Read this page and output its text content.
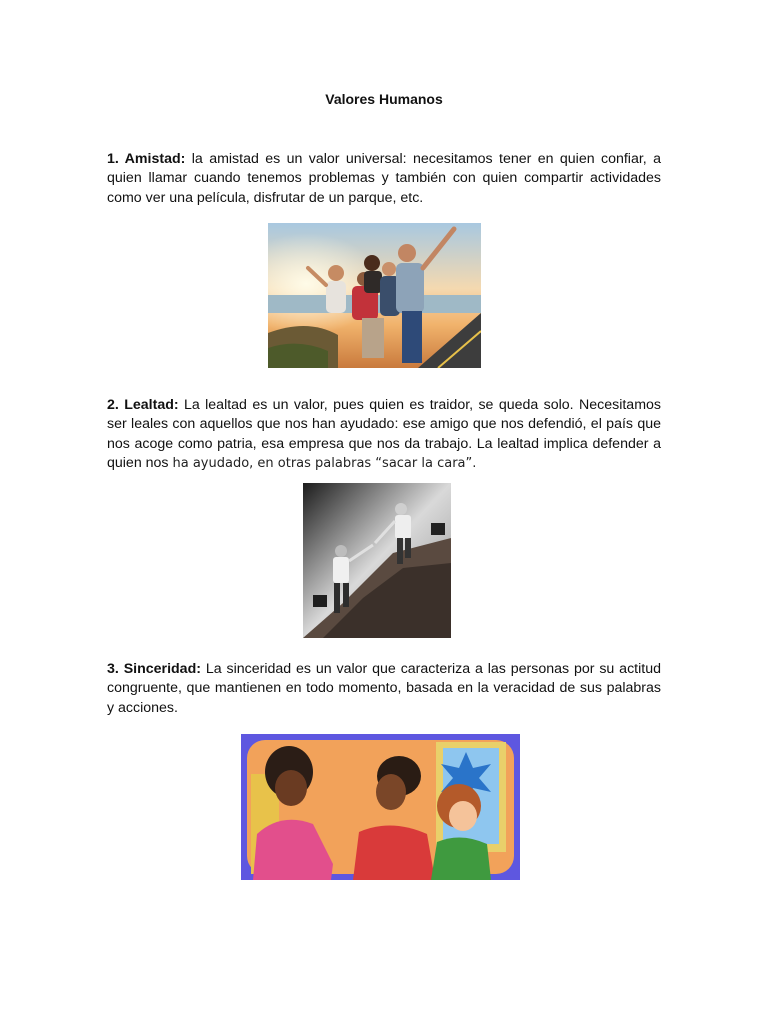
Valores Humanos
1. Amistad: la amistad es un valor universal: necesitamos tener en quien confiar, a quien llamar cuando tenemos problemas y también con quien compartir actividades como ver una película, disfrutar de un parque, etc.
2. Lealtad: La lealtad es un valor, pues quien es traidor, se queda solo. Necesitamos ser leales con aquellos que nos han ayudado: ese amigo que nos defendió, el país que nos acoge como patria, esa empresa que nos da trabajo. La lealtad implica defender a quien nos ha ayudado, en otras palabras “sacar la cara”.
3. Sinceridad: La sinceridad es un valor que caracteriza a las personas por su actitud congruente, que mantienen en todo momento, basada en la veracidad de sus palabras y acciones.
